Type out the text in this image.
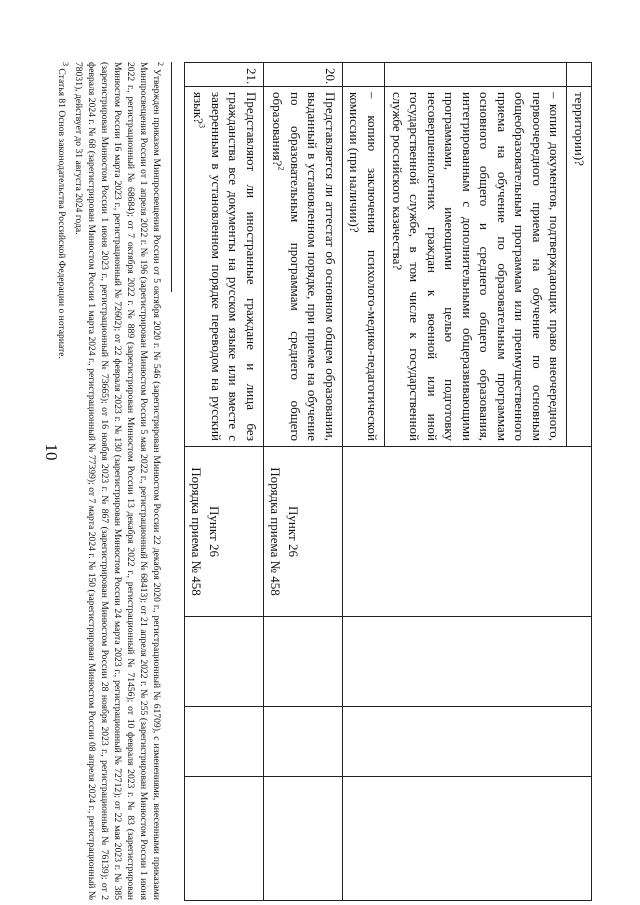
10
	территории)?				
	– копии документов, подтверждающих право внеочередного, первоочередного приема на обучение по основным общеобразовательным программам или преимущественного приема на обучение по образовательным программам основного общего и среднего общего образования, интегрированным с дополнительными общеразвивающими программами, имеющими целью подготовку несовершеннолетних граждан к военной или иной государственной службе, в том числе к государственной службе российского казачества?				
	– копию заключения психолого-медико-педагогической комиссии (при наличии)?				
20.	Представляется ли аттестат об основном общем образовании, выданный в установленном порядке, при приеме на обучение по образовательным программам среднего общего образования?$^2$	Пункт 26
Порядка приема № 458			

21.	Представляют ли иностранные граждане и лица без гражданства все документы на русском языке или вместе с заверенным в установленном порядке переводом на русский язык?$^3$	Пункт 26
Порядка приема № 458			

$^2$ Утвержден приказом Минпросвещения России от 5 октября 2020 г. № 546 (зарегистрирован Минюстом России 22 декабря 2020 г., регистрационный № 61709), с изменениями, внесенными приказами Минпросвещения России от 1 апреля 2022 г. № 196 (зарегистрирован Минюстом России 5 мая 2022 г., регистрационный № 68413); от 21 апреля 2022 г. № 255 (зарегистрирован Минюстом России 1 июня 2022 г., регистрационный № 68684); от 7 октября 2022 г. № 889 (зарегистрирован Минюстом России 13 декабря 2022 г., регистрационный № 71456); от 10 февраля 2023 г. № 83 (зарегистрирован Минюстом России 16 марта 2023 г., регистрационный № 72602); от 22 февраля 2023 г. № 130 (зарегистрирован Минюстом России 24 марта 2023 г., регистрационный № 72712); от 22 мая 2023 г. № 385 (зарегистрирован Минюстом России 1 июня 2023 г., регистрационный № 73665); от 16 ноября 2023 г. № 867 (зарегистрирован Минюстом России 28 ноября 2023 г., регистрационный № 76139); от 2 февраля 2024 г. № 68 (зарегистрирован Минюстом России 1 марта 2024 г., регистрационный № 77399); от 7 марта 2024 г. № 150 (зарегистрирован Минюстом России 08 апреля 2024 г., регистрационный № 78031), действует до 31 августа 2024 года.

$^3$ Статья 81 Основ законодательства Российской Федерации о нотариате.
